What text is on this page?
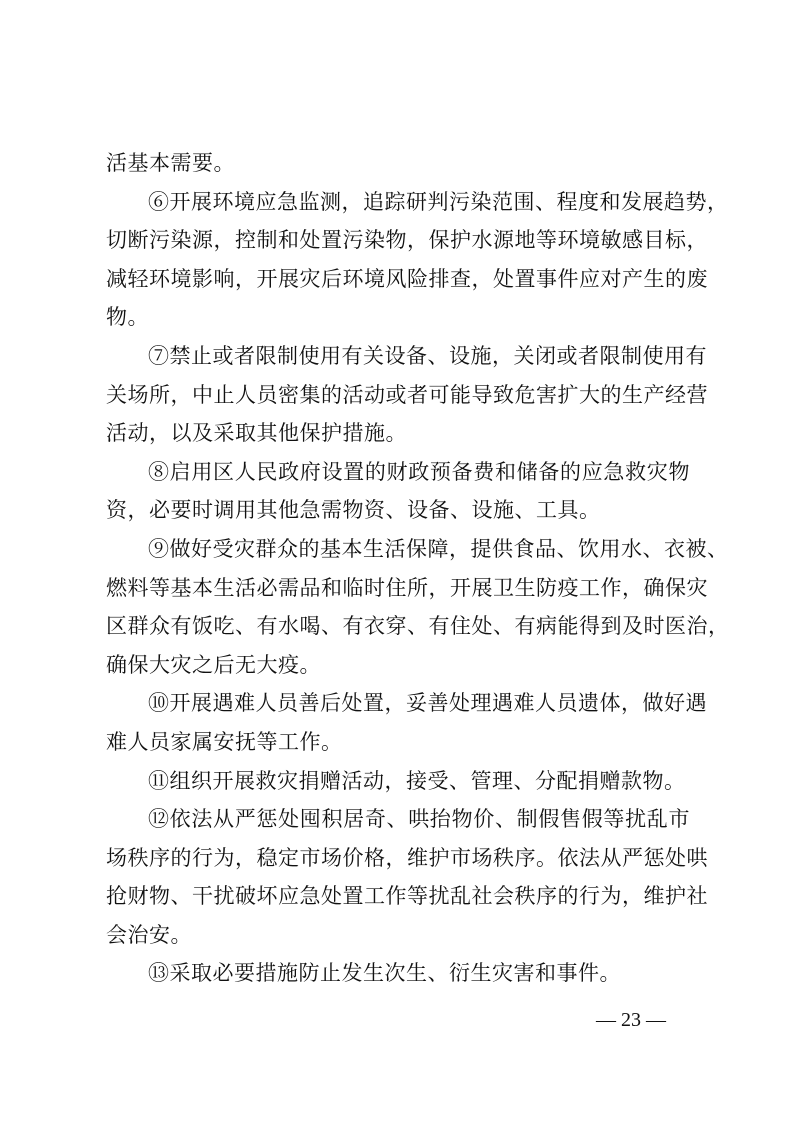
活基本需要。
⑥开展环境应急监测，追踪研判污染范围、程度和发展趋势，
切断污染源，控制和处置污染物，保护水源地等环境敏感目标，
减轻环境影响，开展灾后环境风险排查，处置事件应对产生的废
物。
⑦禁止或者限制使用有关设备、设施，关闭或者限制使用有
关场所，中止人员密集的活动或者可能导致危害扩大的生产经营
活动，以及采取其他保护措施。
⑧启用区人民政府设置的财政预备费和储备的应急救灾物
资，必要时调用其他急需物资、设备、设施、工具。
⑨做好受灾群众的基本生活保障，提供食品、饮用水、衣被、
燃料等基本生活必需品和临时住所，开展卫生防疫工作，确保灾
区群众有饭吃、有水喝、有衣穿、有住处、有病能得到及时医治，
确保大灾之后无大疫。
⑩开展遇难人员善后处置，妥善处理遇难人员遗体，做好遇
难人员家属安抚等工作。
⑪组织开展救灾捐赠活动，接受、管理、分配捐赠款物。
⑫依法从严惩处囤积居奇、哄抬物价、制假售假等扰乱市
场秩序的行为，稳定市场价格，维护市场秩序。依法从严惩处哄
抢财物、干扰破坏应急处置工作等扰乱社会秩序的行为，维护社
会治安。
⑬采取必要措施防止发生次生、衍生灾害和事件。
— 23 —
